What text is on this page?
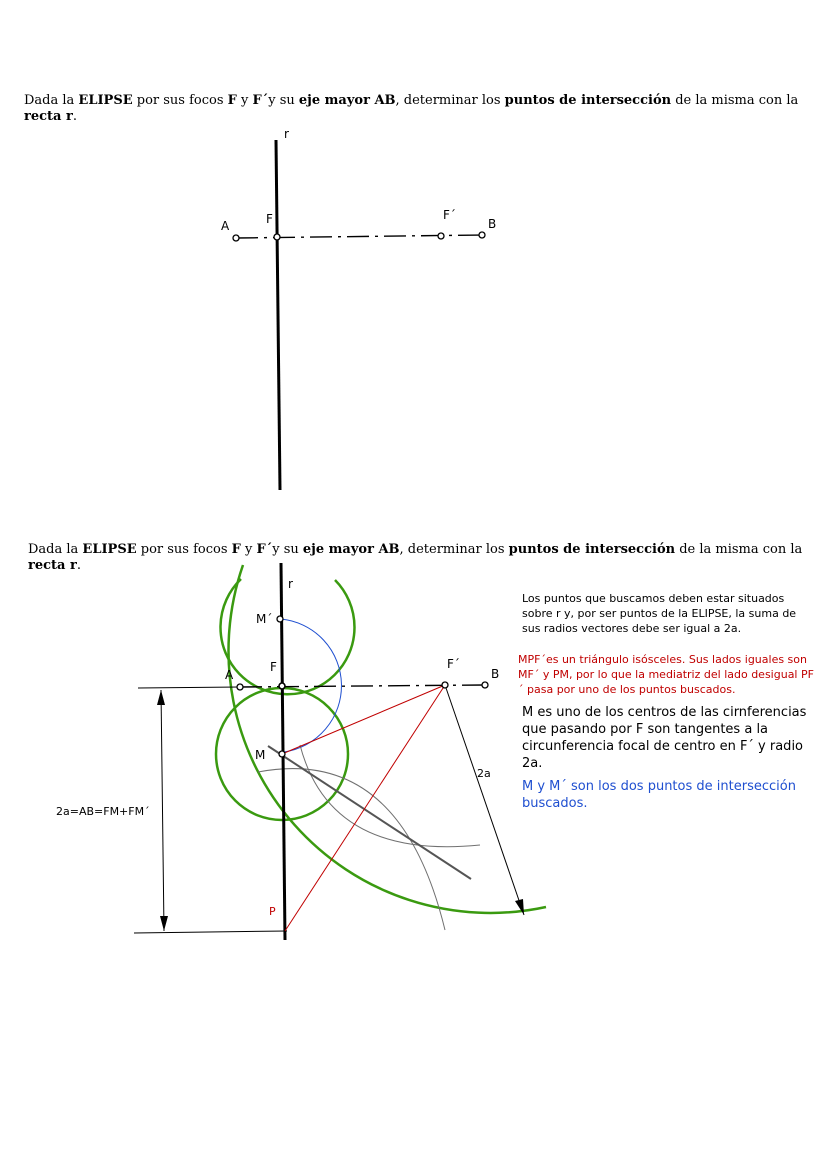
Dada la ELIPSE por sus focos F y F´y su eje mayor AB, determinar los puntos de intersección de la misma con la recta r.
Dada la ELIPSE por sus focos F y F´y su eje mayor AB, determinar los puntos de intersección de la misma con la recta r.
r
A	F	F´
B
r
M´
A
F	F´
B
M
2a
2a=AB=FM+FM´
P
Los puntos que buscamos deben estar situados sobre r y, por ser puntos de la ELIPSE, la suma de sus radios vectores debe ser igual a 2a.
MPF´es un triángulo isósceles. Sus lados iguales son MF´ y PM, por lo que la mediatriz del lado desigual PF´ pasa por uno de los puntos buscados.
M es uno de los centros de las cirnferencias que pasando por F son tangentes a la circunferencia focal de centro en F´ y radio 2a.
M y M´ son los dos puntos de intersección buscados.
